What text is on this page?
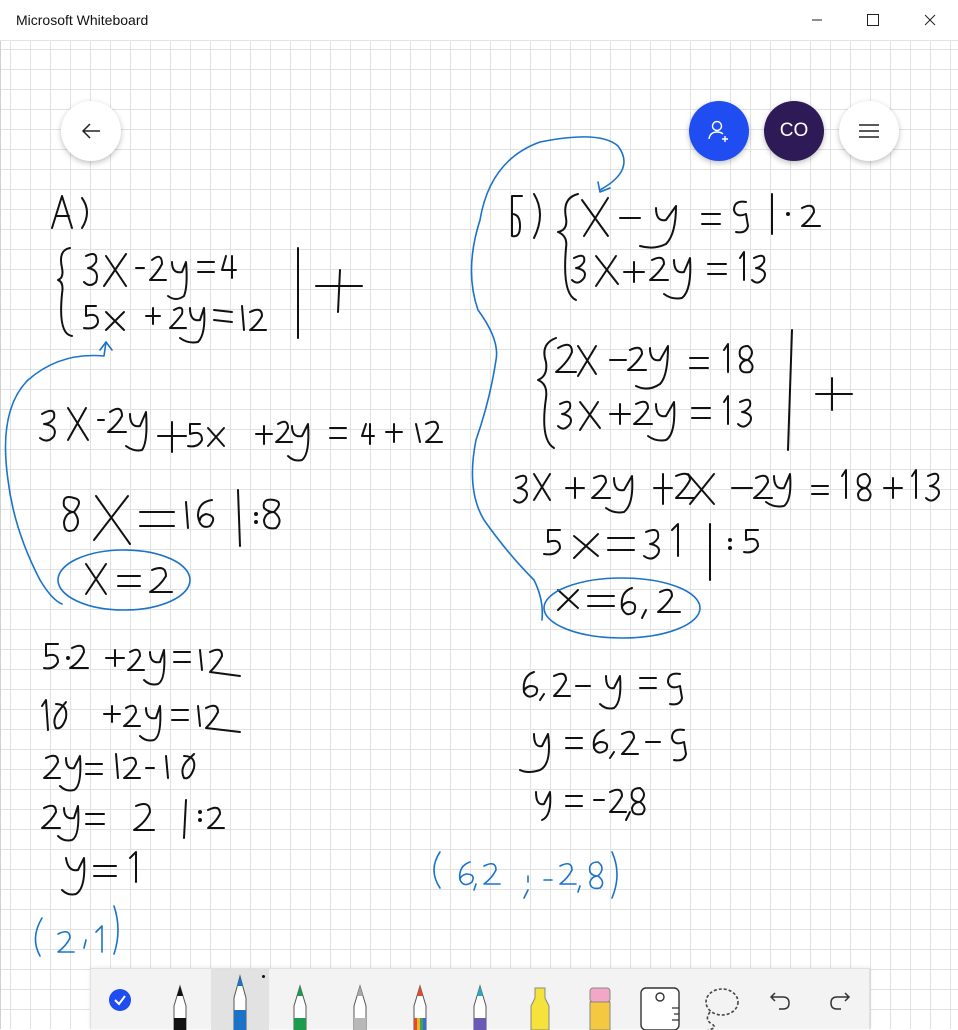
Microsoft Whiteboard
CO
